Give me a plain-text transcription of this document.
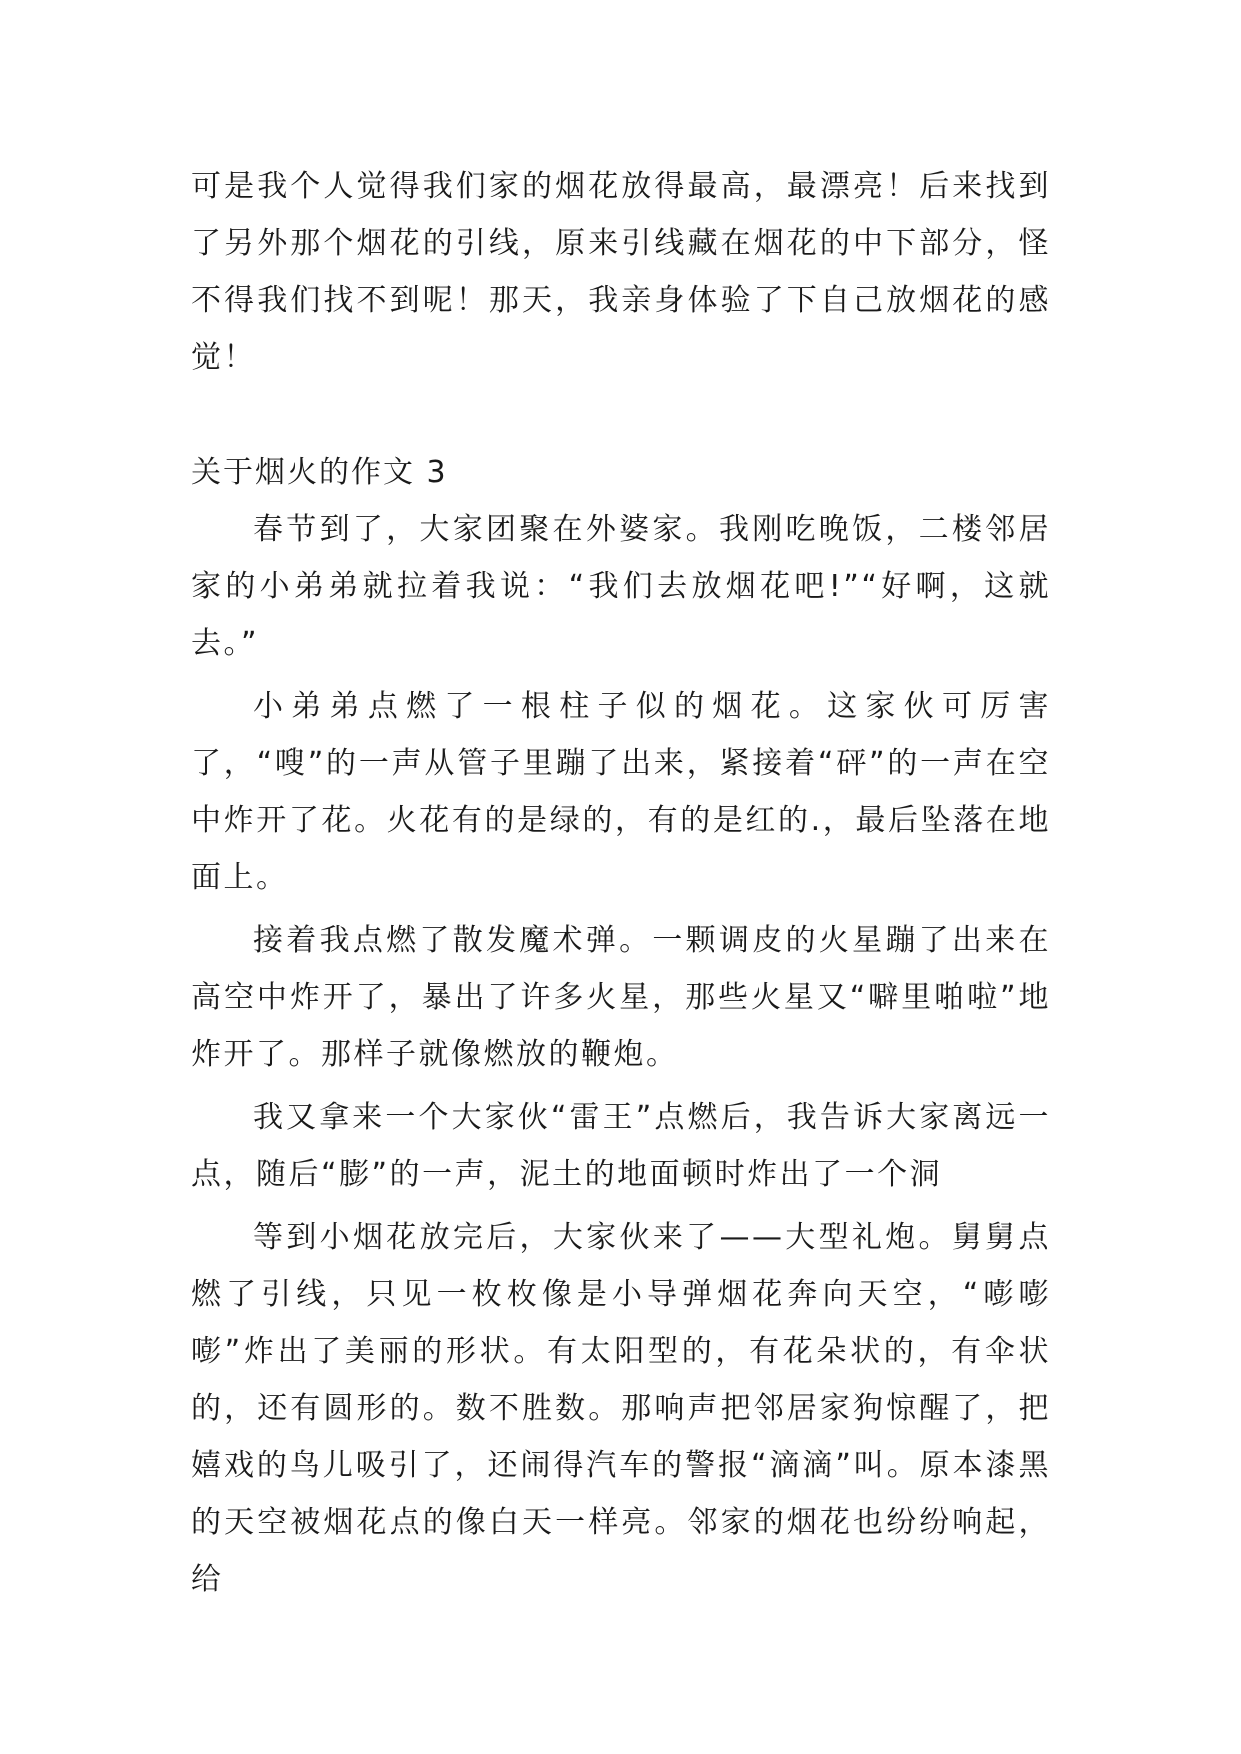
可是我个人觉得我们家的烟花放得最高，最漂亮！后来找到了另外那个烟花的引线，原来引线藏在烟花的中下部分，怪不得我们找不到呢！那天，我亲身体验了下自己放烟花的感觉！

关于烟火的作文 3

春节到了，大家团聚在外婆家。我刚吃晚饭，二楼邻居家的小弟弟就拉着我说：“我们去放烟花吧!”“好啊，这就去。”

小弟弟点燃了一根柱子似的烟花。这家伙可厉害了，“嗖”的一声从管子里蹦了出来，紧接着“砰”的一声在空中炸开了花。火花有的是绿的，有的是红的.，最后坠落在地面上。

接着我点燃了散发魔术弹。一颗调皮的火星蹦了出来在高空中炸开了，暴出了许多火星，那些火星又“噼里啪啦”地炸开了。那样子就像燃放的鞭炮。

我又拿来一个大家伙“雷王”点燃后，我告诉大家离远一点，随后“膨”的一声，泥土的地面顿时炸出了一个洞

等到小烟花放完后，大家伙来了——大型礼炮。舅舅点燃了引线，只见一枚枚像是小导弹烟花奔向天空，“嘭嘭嘭”炸出了美丽的形状。有太阳型的，有花朵状的，有伞状的，还有圆形的。数不胜数。那响声把邻居家狗惊醒了，把嬉戏的鸟儿吸引了，还闹得汽车的警报“滴滴”叫。原本漆黑的天空被烟花点的像白天一样亮。邻家的烟花也纷纷响起，给
